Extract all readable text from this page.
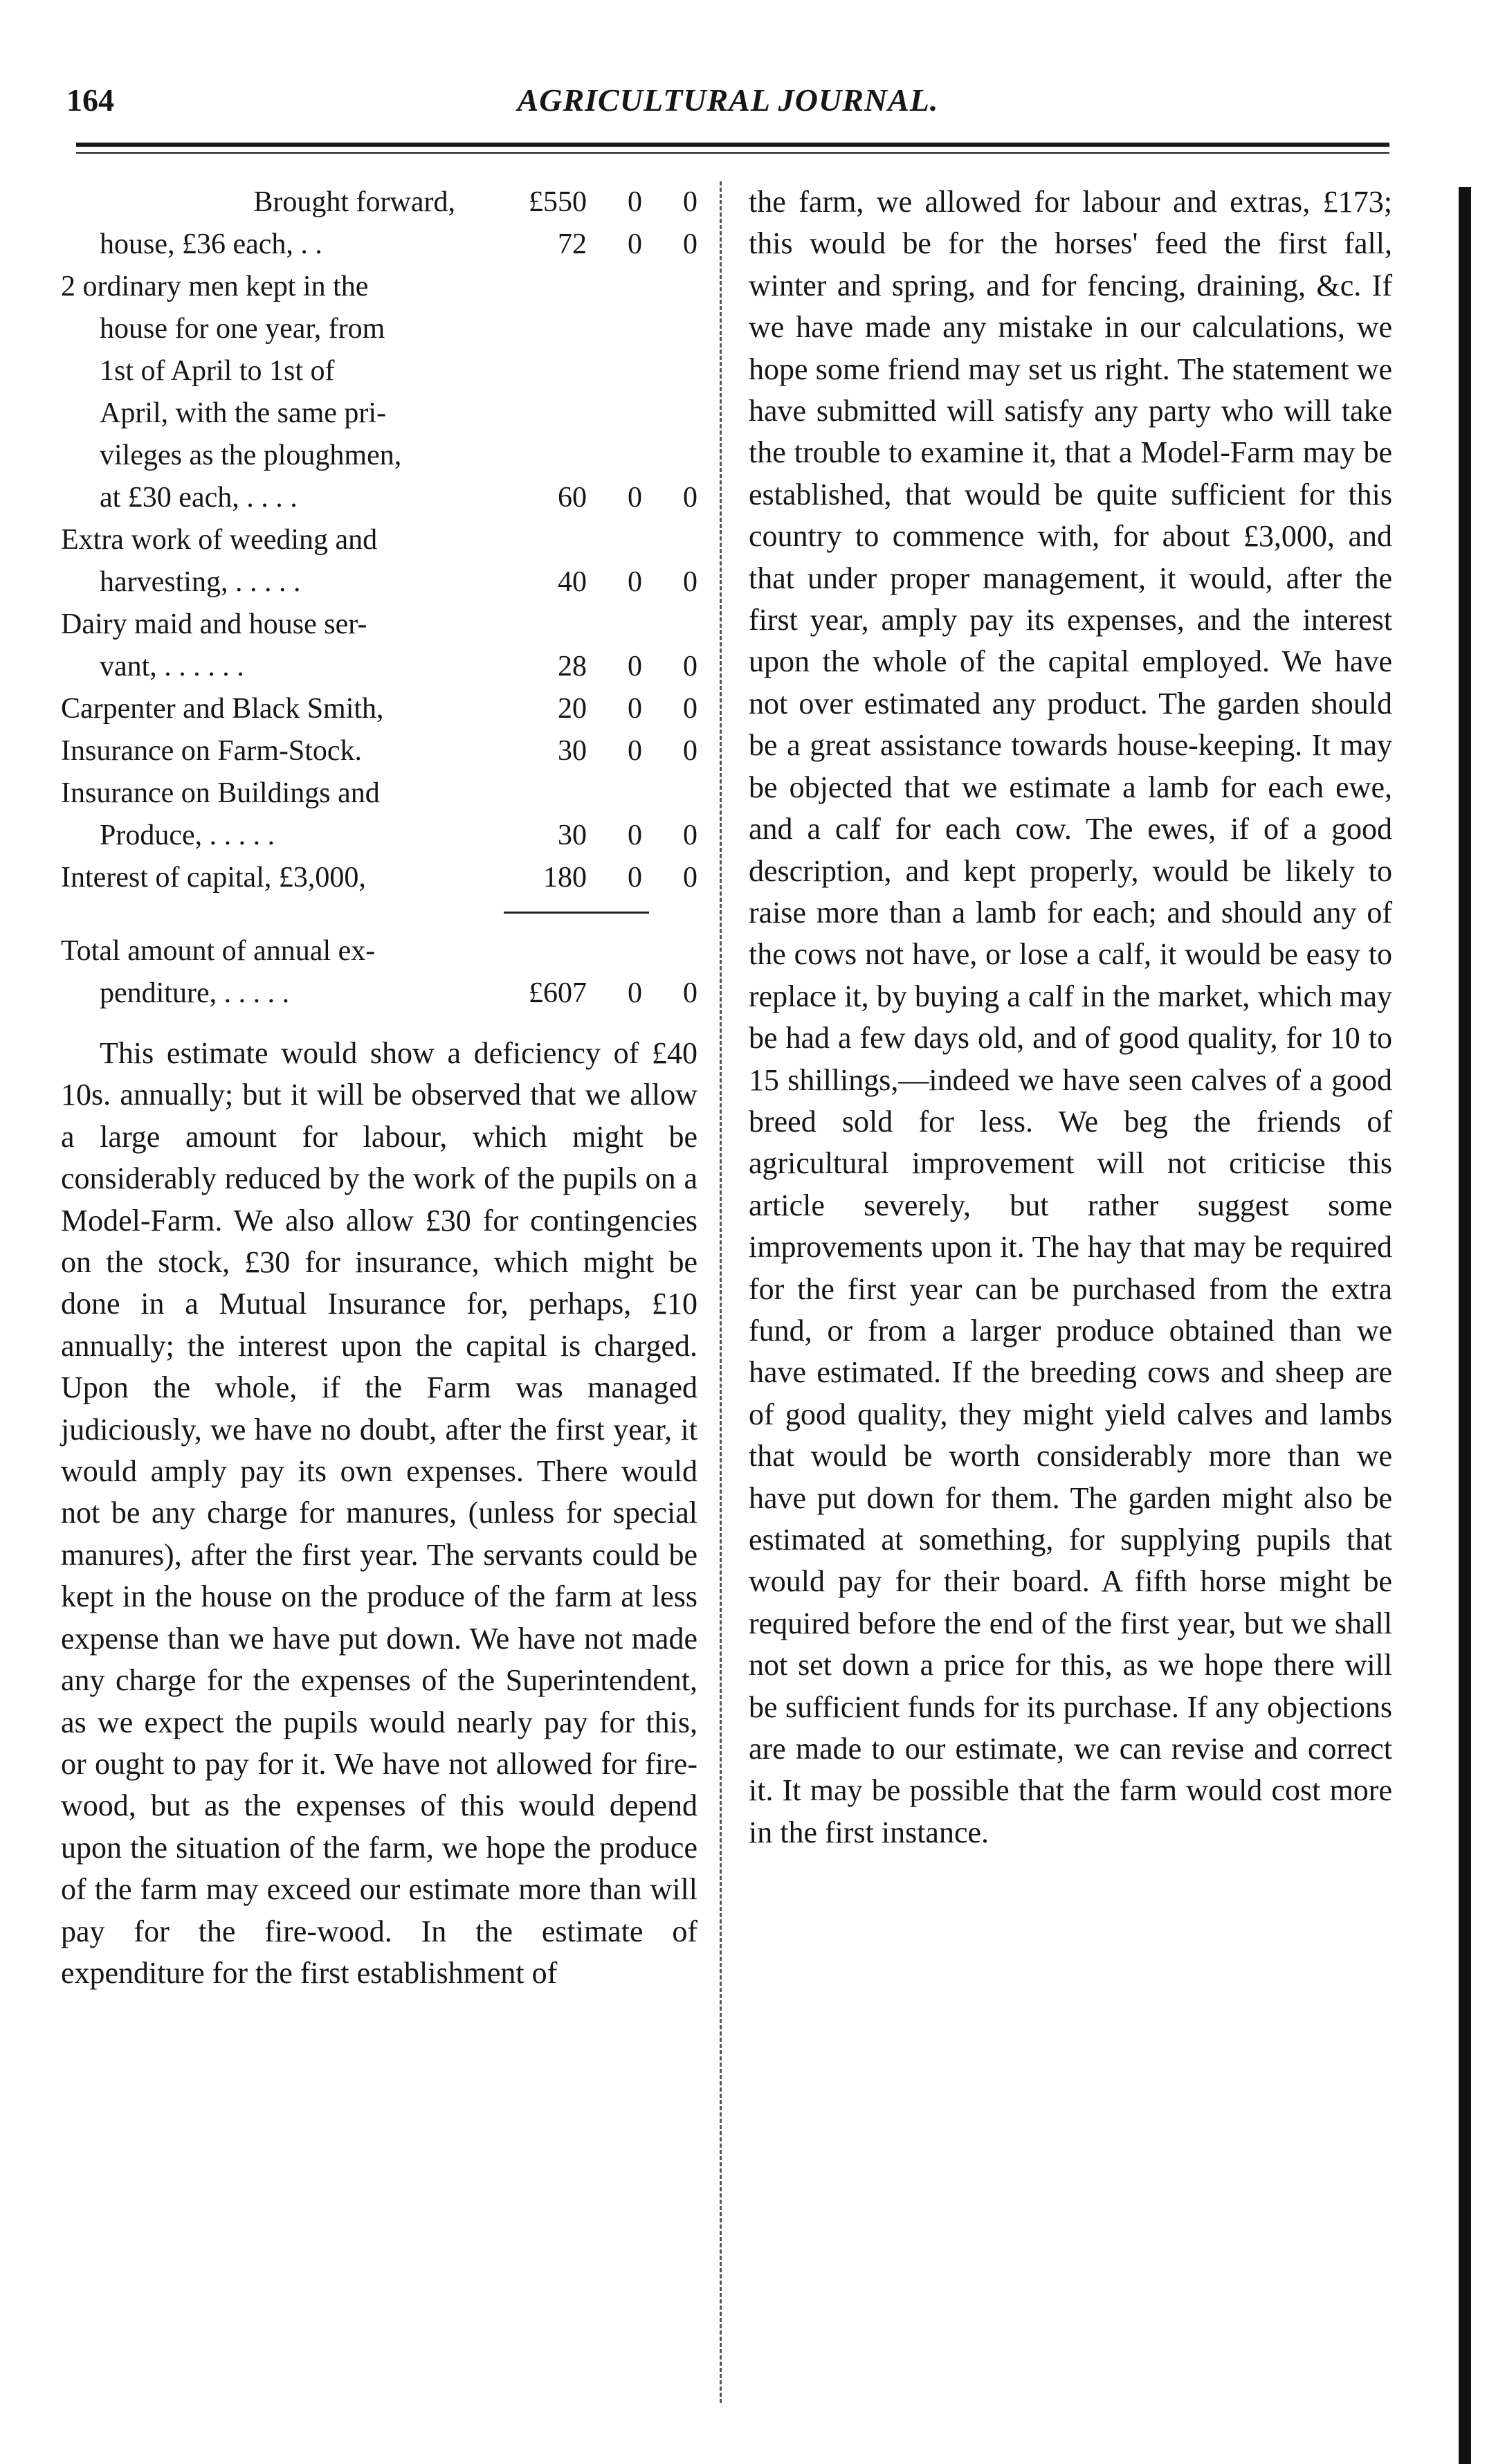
164	AGRICULTURAL JOURNAL.
Brought forward,	£550	0	0
house, £36 each, . .	72	0	0
2 ordinary men kept in the
house for one year, from
1st of April to 1st of
April, with the same pri-
vileges as the ploughmen,
at £30 each, . . . .	60	0	0
Extra work of weeding and
harvesting, . . . . .	40	0	0
Dairy maid and house ser-
vant, . . . . . .	28	0	0
Carpenter and Black Smith,	20	0	0
Insurance on Farm-Stock.	30	0	0
Insurance on Buildings and
Produce, . . . . .	30	0	0
Interest of capital, £3,000,	180	0	0
Total amount of annual ex-
penditure, . . . . .	£607	0	0

This estimate would show a deficiency of £40 10s. annually; but it will be observed that we allow a large amount for labour, which might be considerably reduced by the work of the pupils on a Model-Farm. We also allow £30 for contingencies on the stock, £30 for insurance, which might be done in a Mutual Insurance for, perhaps, £10 annually; the interest upon the capital is charged. Upon the whole, if the Farm was managed judiciously, we have no doubt, after the first year, it would amply pay its own expenses. There would not be any charge for manures, (unless for special manures), after the first year. The servants could be kept in the house on the produce of the farm at less expense than we have put down. We have not made any charge for the expenses of the Superintendent, as we expect the pupils would nearly pay for this, or ought to pay for it. We have not allowed for fire-wood, but as the expenses of this would depend upon the situation of the farm, we hope the produce of the farm may exceed our estimate more than will pay for the fire-wood. In the estimate of expenditure for the first establishment of

the farm, we allowed for labour and extras, £173; this would be for the horses' feed the first fall, winter and spring, and for fencing, draining, &c. If we have made any mistake in our calculations, we hope some friend may set us right. The statement we have submitted will satisfy any party who will take the trouble to examine it, that a Model-Farm may be established, that would be quite sufficient for this country to commence with, for about £3,000, and that under proper management, it would, after the first year, amply pay its expenses, and the interest upon the whole of the capital employed. We have not over estimated any product. The garden should be a great assistance towards house-keeping. It may be objected that we estimate a lamb for each ewe, and a calf for each cow. The ewes, if of a good description, and kept properly, would be likely to raise more than a lamb for each; and should any of the cows not have, or lose a calf, it would be easy to replace it, by buying a calf in the market, which may be had a few days old, and of good quality, for 10 to 15 shillings,—indeed we have seen calves of a good breed sold for less. We beg the friends of agricultural improvement will not criticise this article severely, but rather suggest some improvements upon it. The hay that may be required for the first year can be purchased from the extra fund, or from a larger produce obtained than we have estimated. If the breeding cows and sheep are of good quality, they might yield calves and lambs that would be worth considerably more than we have put down for them. The garden might also be estimated at something, for supplying pupils that would pay for their board. A fifth horse might be required before the end of the first year, but we shall not set down a price for this, as we hope there will be sufficient funds for its purchase. If any objections are made to our estimate, we can revise and correct it. It may be possible that the farm would cost more in the first instance.
